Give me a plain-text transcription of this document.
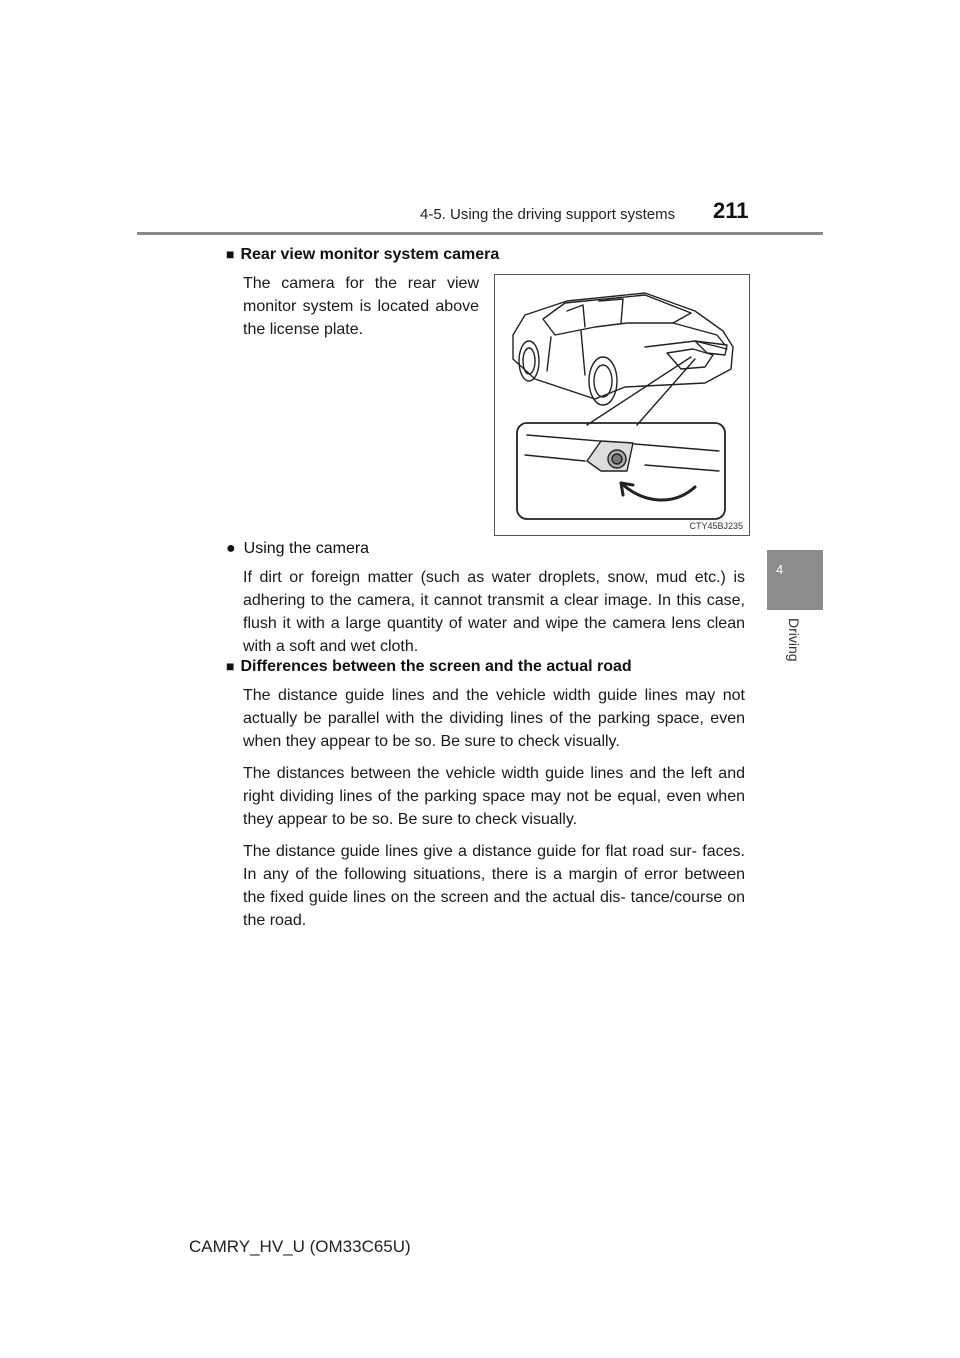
4-5. Using the driving support systems 211
4
Driving
■ Rear view monitor system camera
The camera for the rear view monitor system is located above the license plate.
CTY45BJ235
● Using the camera
If dirt or foreign matter (such as water droplets, snow, mud etc.) is adhering to the camera, it cannot transmit a clear image. In this case, flush it with a large quantity of water and wipe the camera lens clean with a soft and wet cloth.
■ Differences between the screen and the actual road
The distance guide lines and the vehicle width guide lines may not actually be parallel with the dividing lines of the parking space, even when they appear to be so. Be sure to check visually.
The distances between the vehicle width guide lines and the left and right dividing lines of the parking space may not be equal, even when they appear to be so. Be sure to check visually.
The distance guide lines give a distance guide for flat road sur- faces. In any of the following situations, there is a margin of error between the fixed guide lines on the screen and the actual dis- tance/course on the road.
CAMRY_HV_U (OM33C65U)
